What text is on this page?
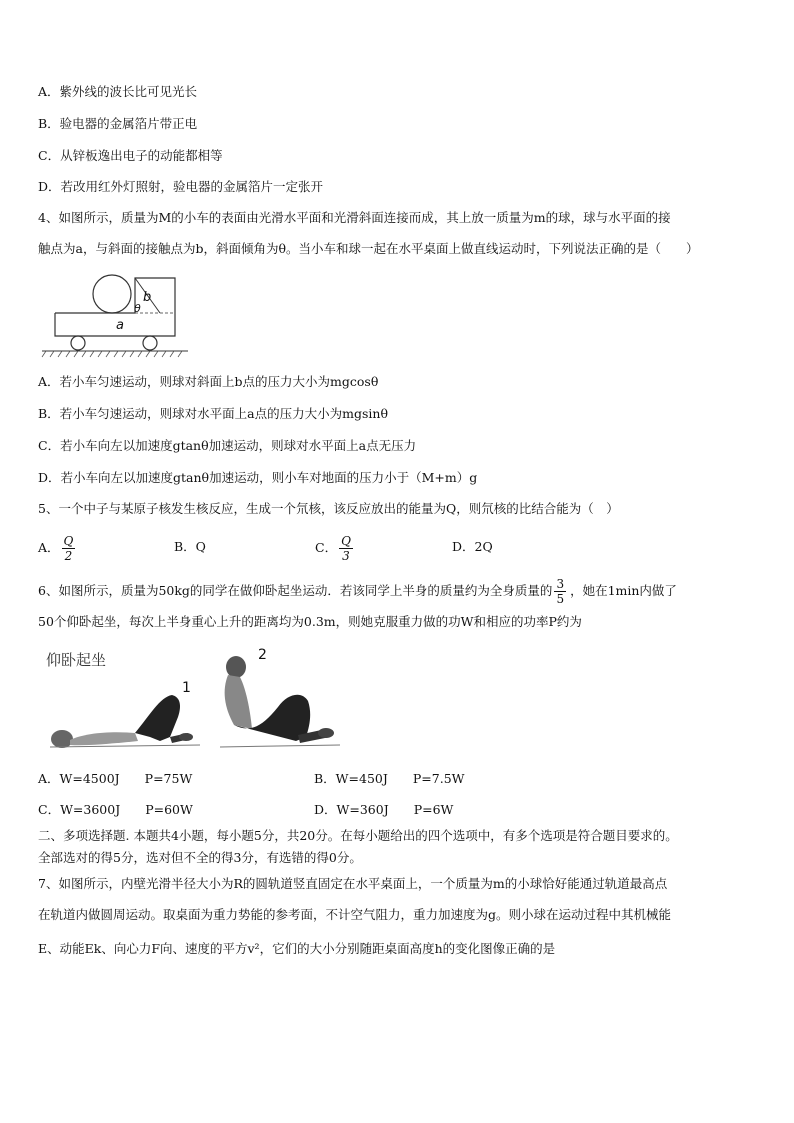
A．紫外线的波长比可见光长
B．验电器的金属箔片带正电
C．从锌板逸出电子的动能都相等
D．若改用红外灯照射，验电器的金属箔片一定张开
4、如图所示，质量为M的小车的表面由光滑水平面和光滑斜面连接而成，其上放一质量为m的球，球与水平面的接
触点为a，与斜面的接触点为b，斜面倾角为θ。当小车和球一起在水平桌面上做直线运动时，下列说法正确的是（　　）
a
b
θ
A．若小车匀速运动，则球对斜面上b点的压力大小为mgcosθ
B．若小车匀速运动，则球对水平面上a点的压力大小为mgsinθ
C．若小车向左以加速度gtanθ加速运动，则球对水平面上a点无压力
D．若小车向左以加速度gtanθ加速运动，则小车对地面的压力小于（M+m）g
5、一个中子与某原子核发生核反应，生成一个氘核，该反应放出的能量为Q，则氘核的比结合能为（　）
A． $\frac{Q}{2}$	B．Q	C． $\frac{Q}{3}$	D．2Q
6、如图所示，质量为50kg的同学在做仰卧起坐运动．若该同学上半身的质量约为全身质量的 $\frac{3}{5}$ ，她在1min内做了
50个仰卧起坐，每次上半身重心上升的距离均为0.3m，则她克服重力做的功W和相应的功率P约为
仰卧起坐
1
2
A．W=4500J　　P=75W	B．W=450J　　P=7.5W
C．W=3600J　　P=60W	D．W=360J　　P=6W
二、多项选择题. 本题共4小题，每小题5分，共20分。在每小题给出的四个选项中，有多个选项是符合题目要求的。
全部选对的得5分，选对但不全的得3分，有选错的得0分。
7、如图所示，内壁光滑半径大小为R的圆轨道竖直固定在水平桌面上，一个质量为m的小球恰好能通过轨道最高点
在轨道内做圆周运动。取桌面为重力势能的参考面，不计空气阻力，重力加速度为g。则小球在运动过程中其机械能
E、动能Ek、向心力F向、速度的平方v²，它们的大小分别随距桌面高度h的变化图像正确的是
